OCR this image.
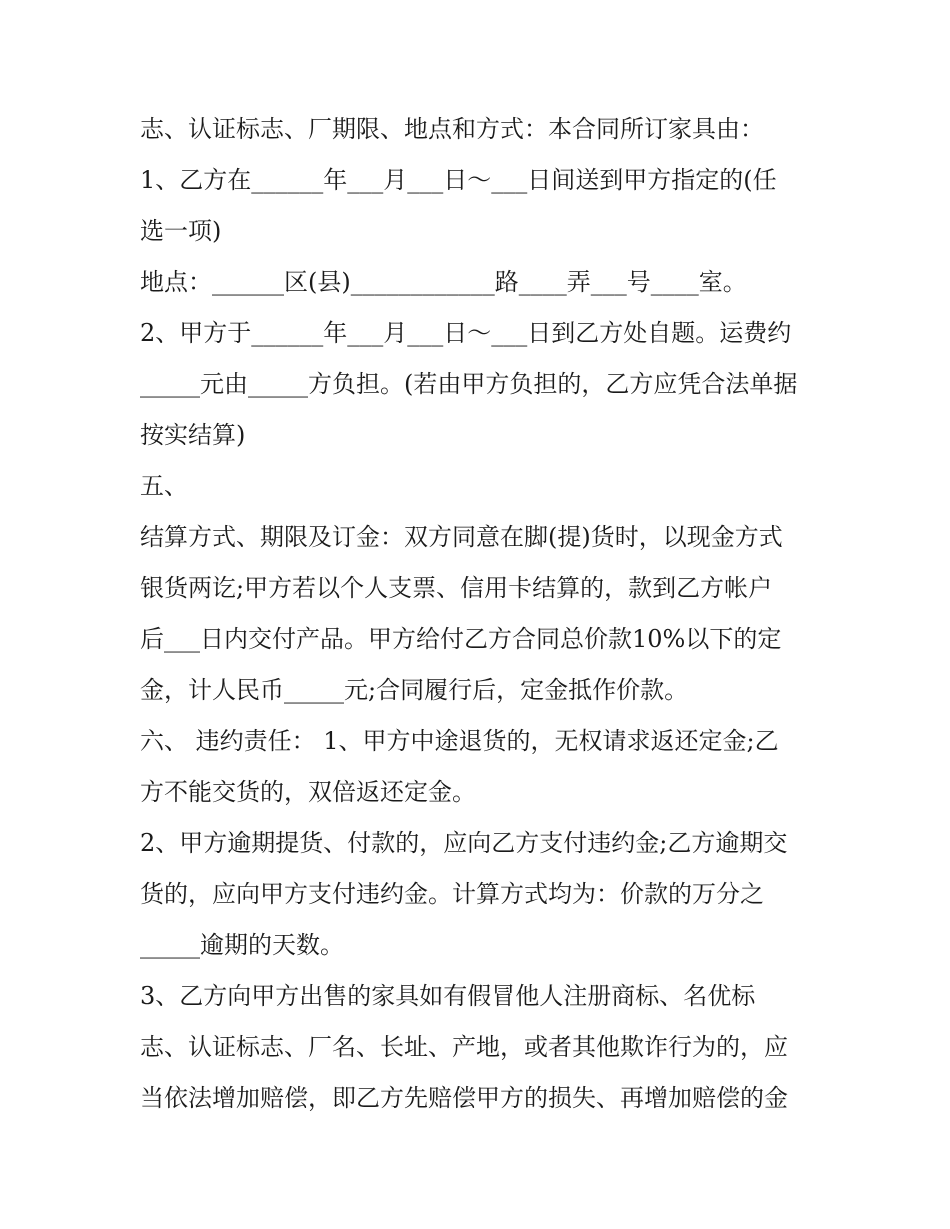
志、认证标志、厂期限、地点和方式：本合同所订家具由：
1、乙方在______年___月___日～___日间送到甲方指定的(任
选一项)
地点：______区(县)____________路____弄___号____室。
2、甲方于______年___月___日～___日到乙方处自题。运费约
_____元由_____方负担。(若由甲方负担的，乙方应凭合法单据
按实结算)
五、
结算方式、期限及订金：双方同意在脚(提)货时，以现金方式
银货两讫;甲方若以个人支票、信用卡结算的，款到乙方帐户
后___日内交付产品。甲方给付乙方合同总价款10%以下的定
金，计人民币_____元;合同履行后，定金抵作价款。
六、 违约责任： 1、甲方中途退货的，无权请求返还定金;乙
方不能交货的，双倍返还定金。
2、甲方逾期提货、付款的，应向乙方支付违约金;乙方逾期交
货的，应向甲方支付违约金。计算方式均为：价款的万分之
_____逾期的天数。
3、乙方向甲方出售的家具如有假冒他人注册商标、名优标
志、认证标志、厂名、长址、产地，或者其他欺诈行为的，应
当依法增加赔偿，即乙方先赔偿甲方的损失、再增加赔偿的金
